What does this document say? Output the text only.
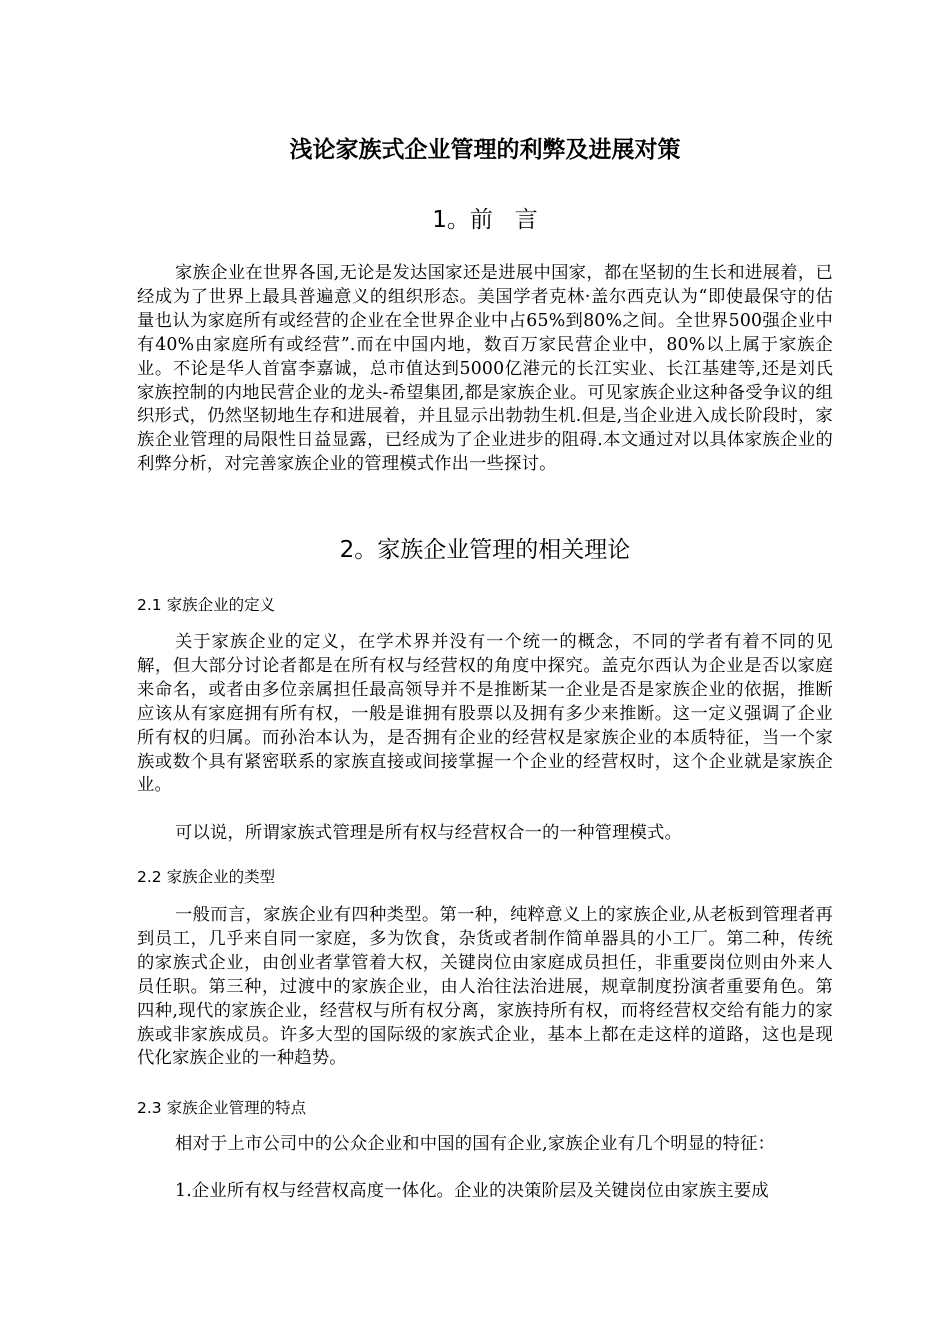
浅论家族式企业管理的利弊及进展对策
1。前   言

家族企业在世界各国,无论是发达国家还是进展中国家，都在坚韧的生长和进展着，已经成为了世界上最具普遍意义的组织形态。美国学者克林·盖尔西克认为“即使最保守的估量也认为家庭所有或经营的企业在全世界企业中占65%到80%之间。全世界500强企业中有40%由家庭所有或经营”.而在中国内地，数百万家民营企业中，80%以上属于家族企业。不论是华人首富李嘉诚，总市值达到5000亿港元的长江实业、长江基建等,还是刘氏家族控制的内地民营企业的龙头-希望集团,都是家族企业。可见家族企业这种备受争议的组织形式，仍然坚韧地生存和进展着，并且显示出勃勃生机.但是,当企业进入成长阶段时，家族企业管理的局限性日益显露，已经成为了企业进步的阻碍.本文通过对以具体家族企业的利弊分析，对完善家族企业的管理模式作出一些探讨。

2。家族企业管理的相关理论
2.1 家族企业的定义

关于家族企业的定义，在学术界并没有一个统一的概念，不同的学者有着不同的见解，但大部分讨论者都是在所有权与经营权的角度中探究。盖克尔西认为企业是否以家庭来命名，或者由多位亲属担任最高领导并不是推断某一企业是否是家族企业的依据，推断应该从有家庭拥有所有权，一般是谁拥有股票以及拥有多少来推断。这一定义强调了企业所有权的归属。而孙治本认为，是否拥有企业的经营权是家族企业的本质特征，当一个家族或数个具有紧密联系的家族直接或间接掌握一个企业的经营权时，这个企业就是家族企业。

可以说，所谓家族式管理是所有权与经营权合一的一种管理模式。

2.2 家族企业的类型

一般而言，家族企业有四种类型。第一种，纯粹意义上的家族企业,从老板到管理者再到员工，几乎来自同一家庭，多为饮食，杂货或者制作简单器具的小工厂。第二种，传统的家族式企业，由创业者掌管着大权，关键岗位由家庭成员担任，非重要岗位则由外来人员任职。第三种，过渡中的家族企业，由人治往法治进展，规章制度扮演者重要角色。第四种,现代的家族企业，经营权与所有权分离，家族持所有权，而将经营权交给有能力的家族或非家族成员。许多大型的国际级的家族式企业，基本上都在走这样的道路，这也是现代化家族企业的一种趋势。

2.3 家族企业管理的特点

相对于上市公司中的公众企业和中国的国有企业,家族企业有几个明显的特征：

1.企业所有权与经营权高度一体化。企业的决策阶层及关键岗位由家族主要成
